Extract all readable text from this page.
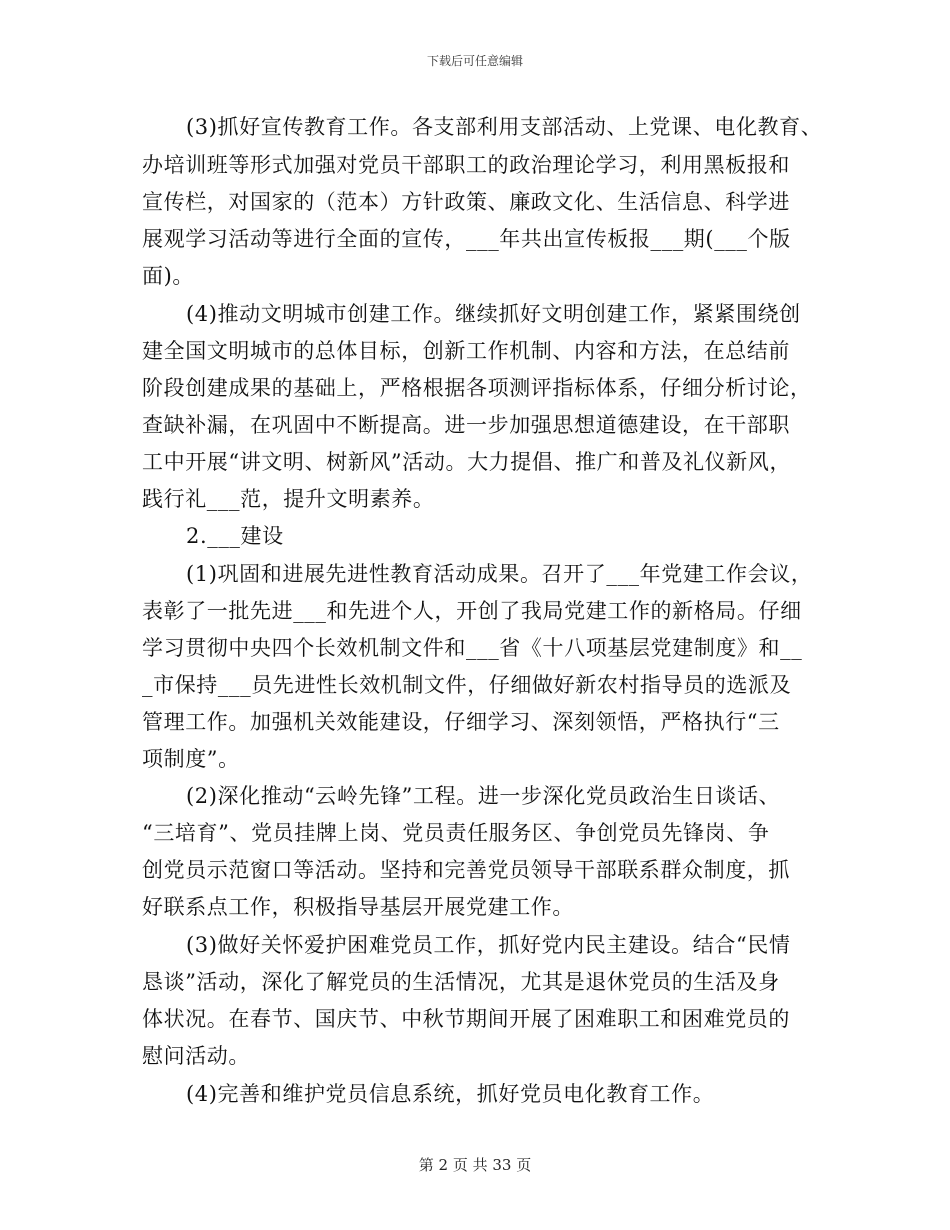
下载后可任意编辑
(3)抓好宣传教育工作。各支部利用支部活动、上党课、电化教育、
办培训班等形式加强对党员干部职工的政治理论学习，利用黑板报和
宣传栏，对国家的（范本）方针政策、廉政文化、生活信息、科学进
展观学习活动等进行全面的宣传，___年共出宣传板报___期(___个版
面)。
(4)推动文明城市创建工作。继续抓好文明创建工作，紧紧围绕创
建全国文明城市的总体目标，创新工作机制、内容和方法，在总结前
阶段创建成果的基础上，严格根据各项测评指标体系，仔细分析讨论，
查缺补漏，在巩固中不断提高。进一步加强思想道德建设，在干部职
工中开展“讲文明、树新风”活动。大力提倡、推广和普及礼仪新风，
践行礼___范，提升文明素养。
2.___建设
(1)巩固和进展先进性教育活动成果。召开了___年党建工作会议，
表彰了一批先进___和先进个人，开创了我局党建工作的新格局。仔细
学习贯彻中央四个长效机制文件和___省《十八项基层党建制度》和__
_市保持___员先进性长效机制文件，仔细做好新农村指导员的选派及
管理工作。加强机关效能建设，仔细学习、深刻领悟，严格执行“三
项制度”。
(2)深化推动“云岭先锋”工程。进一步深化党员政治生日谈话、
“三培育”、党员挂牌上岗、党员责任服务区、争创党员先锋岗、争
创党员示范窗口等活动。坚持和完善党员领导干部联系群众制度，抓
好联系点工作，积极指导基层开展党建工作。
(3)做好关怀爱护困难党员工作，抓好党内民主建设。结合“民情
恳谈”活动，深化了解党员的生活情况，尤其是退休党员的生活及身
体状况。在春节、国庆节、中秋节期间开展了困难职工和困难党员的
慰问活动。
(4)完善和维护党员信息系统，抓好党员电化教育工作。
第 2 页 共 33 页
